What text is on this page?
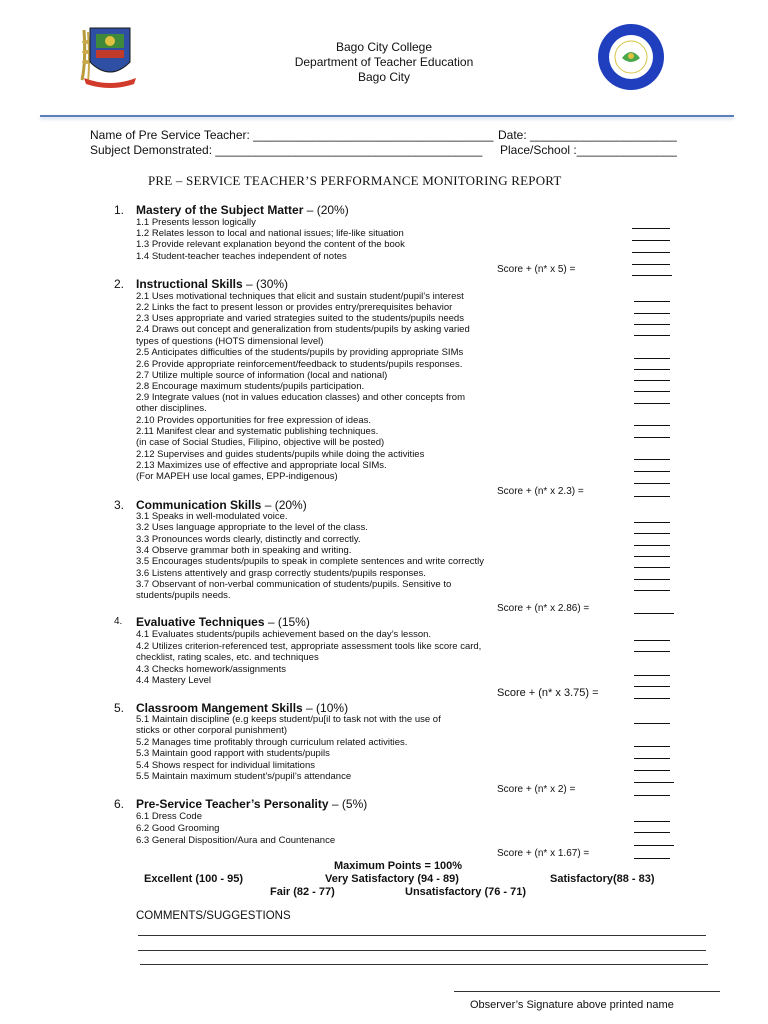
Bago City College
Department of Teacher Education
Bago City
Name of Pre Service Teacher: ____________________________________ Date: ______________________
Subject Demonstrated: ________________________________________ Place/School :_______________
PRE – SERVICE TEACHER’S PERFORMANCE MONITORING REPORT
1. Mastery of the Subject Matter – (20%)
1.1 Presents lesson logically
1.2 Relates lesson to local and national issues; life-like situation
1.3 Provide relevant explanation beyond the content of the book
1.4 Student-teacher teaches independent of notes
Score + (n* x 5) =
2. Instructional Skills – (30%)
2.1 Uses motivational techniques that elicit and sustain student/pupil’s interest
2.2 Links the fact to present lesson or provides entry/prerequisites behavior
2.3 Uses appropriate and varied strategies suited to the students/pupils needs
2.4 Draws out concept and generalization from students/pupils by asking varied
types of questions (HOTS dimensional level)
2.5 Anticipates difficulties of the students/pupils by providing appropriate SIMs
2.6 Provide appropriate reinforcement/feedback to students/pupils responses.
2.7 Utilize multiple source of information (local and national)
2.8 Encourage maximum students/pupils participation.
2.9 Integrate values (not in values education classes) and other concepts from
other disciplines.
2.10 Provides opportunities for free expression of ideas.
2.11 Manifest clear and systematic publishing techniques.
(in case of Social Studies, Filipino, objective will be posted)
2.12 Supervises and guides students/pupils while doing the activities
2.13 Maximizes use of effective and appropriate local SIMs.
(For MAPEH use local games, EPP-indigenous)
Score + (n* x 2.3) =
3. Communication Skills – (20%)
3.1 Speaks in well-modulated voice.
3.2 Uses language appropriate to the level of the class.
3.3 Pronounces words clearly, distinctly and correctly.
3.4 Observe grammar both in speaking and writing.
3.5 Encourages students/pupils to speak in complete sentences and write correctly
3.6 Listens attentively and grasp correctly students/pupils responses.
3.7 Observant of non-verbal communication of students/pupils. Sensitive to
students/pupils needs.
Score + (n* x 2.86) =
4. Evaluative Techniques – (15%)
4.1 Evaluates students/pupils achievement based on the day’s lesson.
4.2 Utilizes criterion-referenced test, appropriate assessment tools like score card,
checklist, rating scales, etc. and techniques
4.3 Checks homework/assignments
4.4 Mastery Level
Score + (n* x 3.75) =
5. Classroom Mangement Skills – (10%)
5.1 Maintain discipline (e.g keeps student/pu[il to task not with the use of
sticks or other corporal punishment)
5.2 Manages time profitably through curriculum related activities.
5.3 Maintain good rapport with students/pupils
5.4 Shows respect for individual limitations
5.5 Maintain maximum student’s/pupil’s attendance
Score + (n* x 2) =
6. Pre-Service Teacher’s Personality – (5%)
6.1 Dress Code
6.2 Good Grooming
6.3 General Disposition/Aura and Countenance
Score + (n* x 1.67) =
Maximum Points = 100%
Excellent (100 - 95)	Very Satisfactory (94 - 89)	Satisfactory(88 - 83)
Fair (82 - 77)	Unsatisfactory (76 - 71)
COMMENTS/SUGGESTIONS
Observer’s Signature above printed name
